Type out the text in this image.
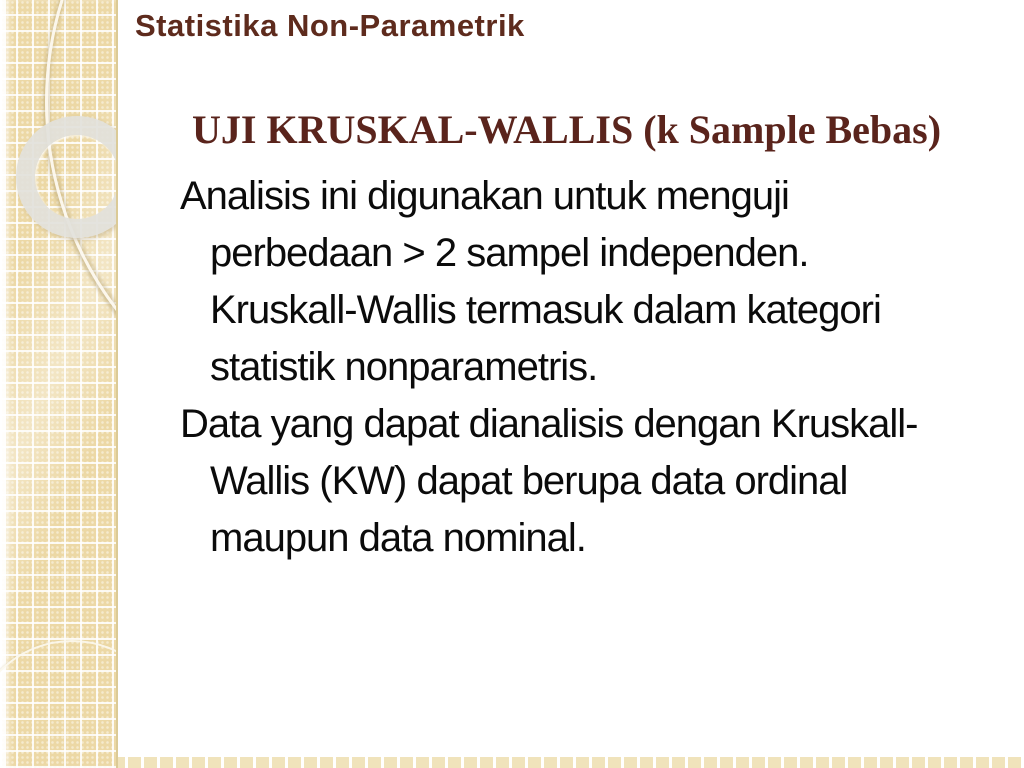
Statistika Non-Parametrik
UJI KRUSKAL-WALLIS (k Sample Bebas)

Analisis ini digunakan untuk menguji perbedaan > 2 sampel independen. Kruskall-Wallis termasuk dalam kategori statistik nonparametris.

Data yang dapat dianalisis dengan Kruskall-Wallis (KW) dapat berupa data ordinal maupun data nominal.
